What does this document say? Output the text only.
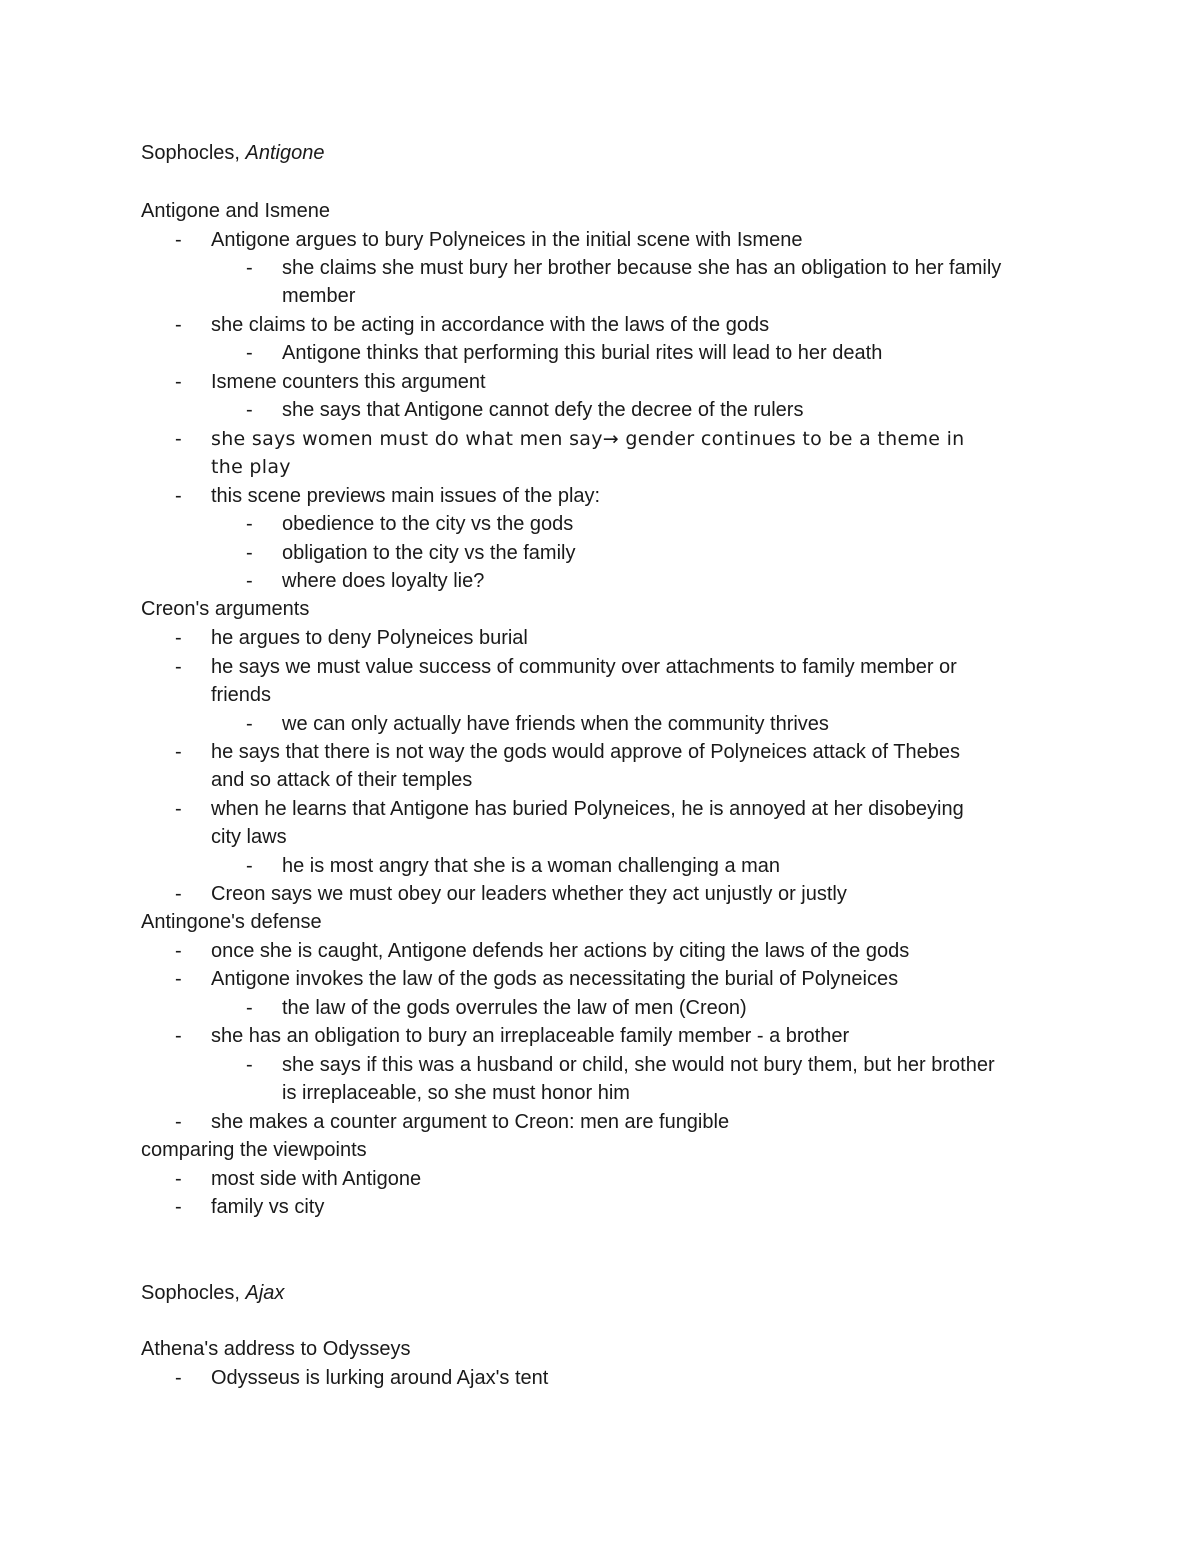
Sophocles, Antigone
Antigone and Ismene
- Antigone argues to bury Polyneices in the initial scene with Ismene
- she claims she must bury her brother because she has an obligation to her family
member
- she claims to be acting in accordance with the laws of the gods
- Antigone thinks that performing this burial rites will lead to her death
- Ismene counters this argument
- she says that Antigone cannot defy the decree of the rulers
- she says women must do what men say→ gender continues to be a theme in
the play
- this scene previews main issues of the play:
- obedience to the city vs the gods
- obligation to the city vs the family
- where does loyalty lie?
Creon's arguments
- he argues to deny Polyneices burial
- he says we must value success of community over attachments to family member or
friends
- we can only actually have friends when the community thrives
- he says that there is not way the gods would approve of Polyneices attack of Thebes
and so attack of their temples
- when he learns that Antigone has buried Polyneices, he is annoyed at her disobeying
city laws
- he is most angry that she is a woman challenging a man
- Creon says we must obey our leaders whether they act unjustly or justly
Antingone's defense
- once she is caught, Antigone defends her actions by citing the laws of the gods
- Antigone invokes the law of the gods as necessitating the burial of Polyneices
- the law of the gods overrules the law of men (Creon)
- she has an obligation to bury an irreplaceable family member - a brother
- she says if this was a husband or child, she would not bury them, but her brother
is irreplaceable, so she must honor him
- she makes a counter argument to Creon: men are fungible
comparing the viewpoints
- most side with Antigone
- family vs city
Sophocles, Ajax
Athena's address to Odysseys
- Odysseus is lurking around Ajax's tent
